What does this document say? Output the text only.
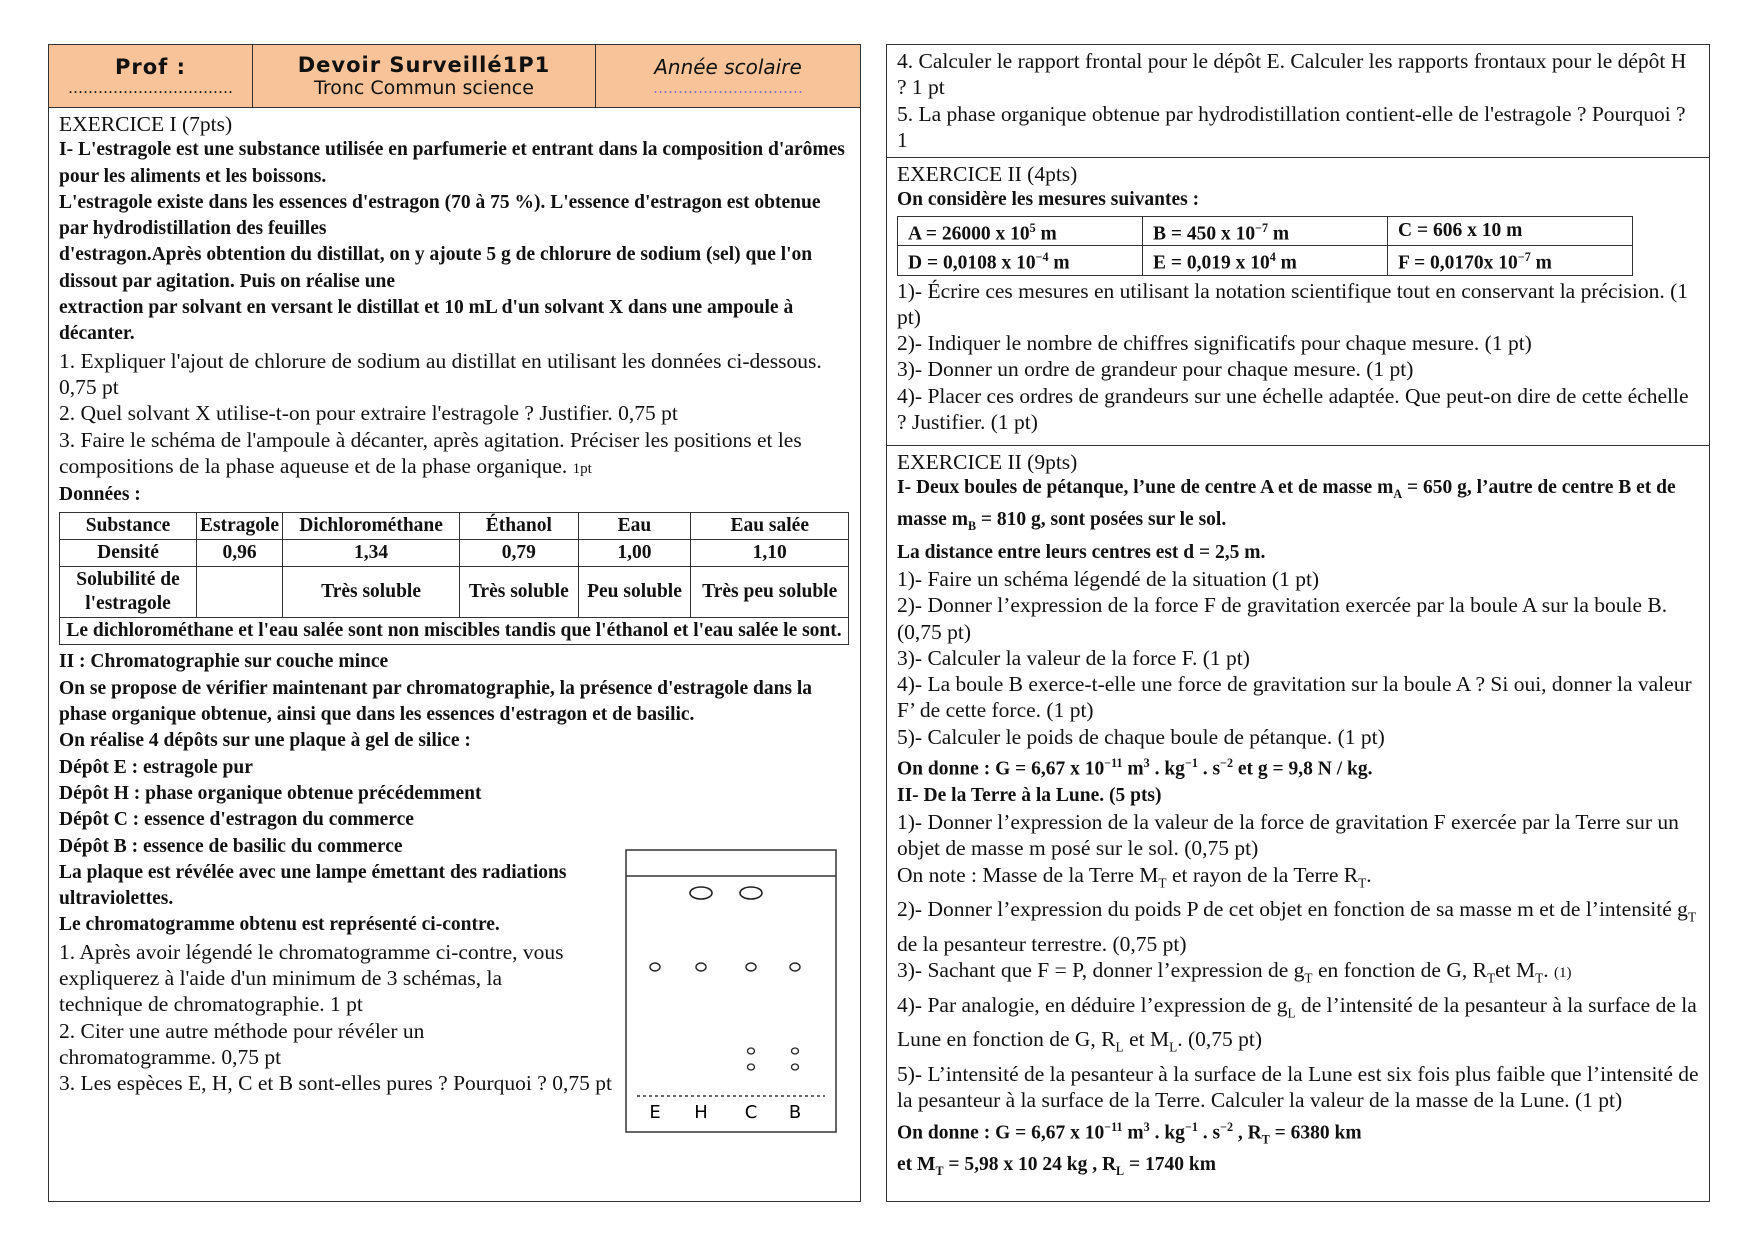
Prof :
……………………………
Devoir Surveillé1P1
Tronc Commun science
Année scolaire
…………………………

EXERCICE I (7pts)

I- L'estragole est une substance utilisée en parfumerie et entrant dans la composition d'arômes pour les aliments et les boissons.

L'estragole existe dans les essences d'estragon (70 à 75 %). L'essence d'estragon est obtenue par hydrodistillation des feuilles

d'estragon.Après obtention du distillat, on y ajoute 5 g de chlorure de sodium (sel) que l'on dissout par agitation. Puis on réalise une

extraction par solvant en versant le distillat et 10 mL d'un solvant X dans une ampoule à décanter.

1. Expliquer l'ajout de chlorure de sodium au distillat en utilisant les données ci-dessous. 0,75 pt

2. Quel solvant X utilise-t-on pour extraire l'estragole ? Justifier. 0,75 pt

3. Faire le schéma de l'ampoule à décanter, après agitation. Préciser les positions et les compositions de la phase aqueuse et de la phase organique. 1pt

Données :

Substance	Estragole	Dichlorométhane	Éthanol	Eau	Eau salée
Densité	0,96	1,34	0,79	1,00	1,10
Solubilité de l'estragole		Très soluble	Très soluble	Peu soluble	Très peu soluble
Le dichlorométhane et l'eau salée sont non miscibles tandis que l'éthanol et l'eau salée le sont.					

II : Chromatographie sur couche mince

On se propose de vérifier maintenant par chromatographie, la présence d'estragole dans la phase organique obtenue, ainsi que dans les essences d'estragon et de basilic.

On réalise 4 dépôts sur une plaque à gel de silice :

Dépôt E : estragole pur

Dépôt H : phase organique obtenue précédemment

Dépôt C : essence d'estragon du commerce

Dépôt B : essence de basilic du commerce

La plaque est révélée avec une lampe émettant des radiations ultraviolettes.

Le chromatogramme obtenu est représenté ci-contre.

1. Après avoir légendé le chromatogramme ci-contre, vous expliquerez à l'aide d'un minimum de 3 schémas, la technique de chromatographie. 1 pt

2. Citer une autre méthode pour révéler un chromatogramme. 0,75 pt

3. Les espèces E, H, C et B sont-elles pures ? Pourquoi ? 0,75 pt

E H C B

4. Calculer le rapport frontal pour le dépôt E. Calculer les rapports frontaux pour le dépôt H ? 1 pt

5. La phase organique obtenue par hydrodistillation contient-elle de l'estragole ? Pourquoi ? 1

EXERCICE II (4pts)

On considère les mesures suivantes :

A = 26000 x $10^5$ m	B = 450 x $10^{-7}$ m	C = 606 x 10 m
D = 0,0108 x $10^{-4}$ m	E = 0,019 x $10^4$ m	F = 0,0170x $10^{-7}$ m

1)- Écrire ces mesures en utilisant la notation scientifique tout en conservant la précision. (1 pt)

2)- Indiquer le nombre de chiffres significatifs pour chaque mesure. (1 pt)

3)- Donner un ordre de grandeur pour chaque mesure. (1 pt)

4)- Placer ces ordres de grandeurs sur une échelle adaptée. Que peut-on dire de cette échelle ? Justifier. (1 pt)

EXERCICE II (9pts)

I- Deux boules de pétanque, l’une de centre A et de masse $m_A = 650$ g, l’autre de centre B et de masse $m_B = 810$ g, sont posées sur le sol.

La distance entre leurs centres est d = 2,5 m.

1)- Faire un schéma légendé de la situation (1 pt)

2)- Donner l’expression de la force F de gravitation exercée par la boule A sur la boule B. (0,75 pt)

3)- Calculer la valeur de la force F. (1 pt)

4)- La boule B exerce-t-elle une force de gravitation sur la boule A ? Si oui, donner la valeur F’ de cette force. (1 pt)

5)- Calculer le poids de chaque boule de pétanque. (1 pt)

On donne : G = 6,67 x $10^{-11}$ $m^3$ . $kg^{-1}$ . $s^{-2}$ et g = 9,8 N / kg.

II- De la Terre à la Lune. (5 pts)

1)- Donner l’expression de la valeur de la force de gravitation F exercée par la Terre sur un objet de masse m posé sur le sol. (0,75 pt)

On note : Masse de la Terre $M_T$ et rayon de la Terre $R_T$.

2)- Donner l’expression du poids P de cet objet en fonction de sa masse m et de l’intensité $g_T$ de la pesanteur terrestre. (0,75 pt)

3)- Sachant que F = P, donner l’expression de $g_T$ en fonction de G, $R_Tet$ $M_T$. (1)

4)- Par analogie, en déduire l’expression de $g_L$ de l’intensité de la pesanteur à la surface de la Lune en fonction de G, $R_L$ et $M_L$. (0,75 pt)

5)- L’intensité de la pesanteur à la surface de la Lune est six fois plus faible que l’intensité de la pesanteur à la surface de la Terre. Calculer la valeur de la masse de la Lune. (1 pt)

On donne : G = 6,67 x $10^{-11}$ $m^3$ . $kg^{-1}$ . $s^{-2}$ , $R_T = 6380$ km

et $M_T = 5,98$ x 10 24 kg , $R_L = 1740$ km
